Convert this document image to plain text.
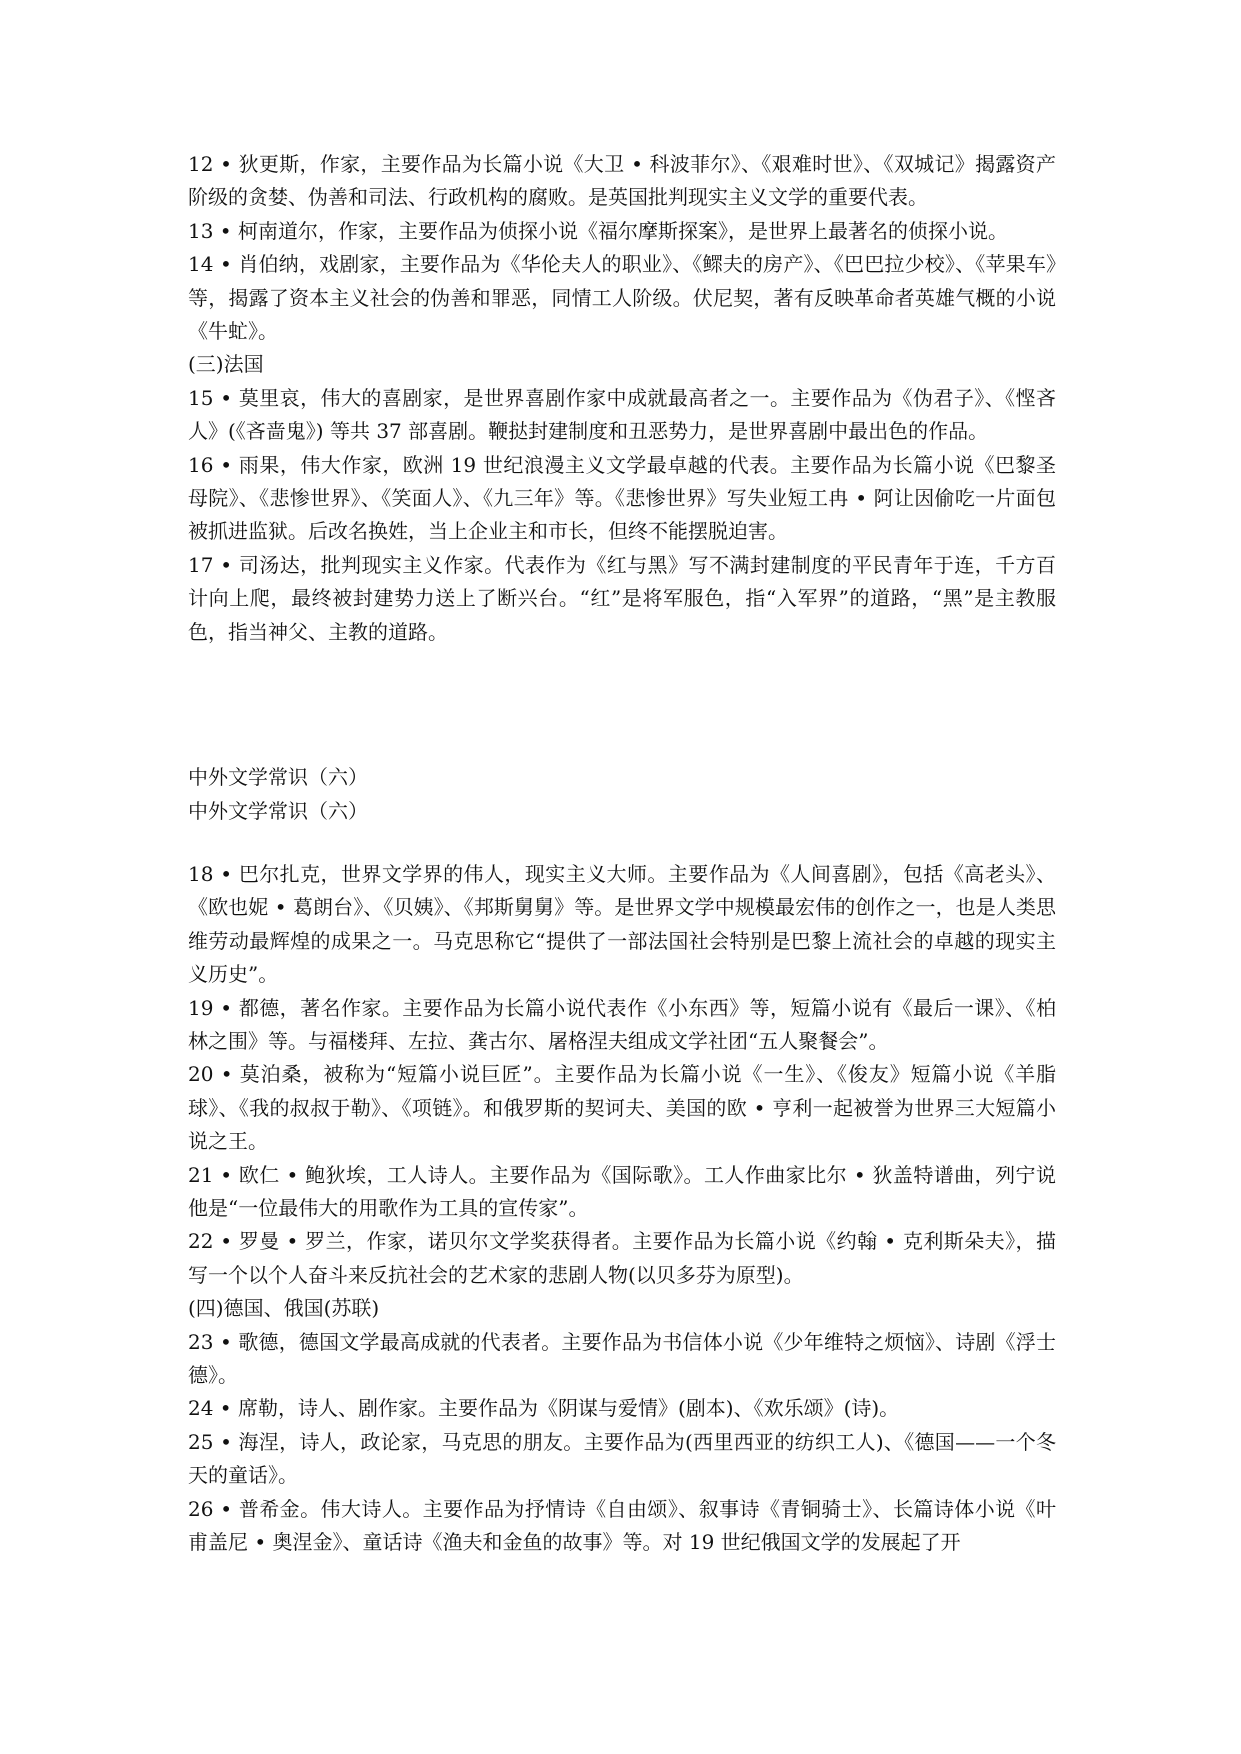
12 • 狄更斯，作家，主要作品为长篇小说《大卫 • 科波菲尔》、《艰难时世》、《双城记》揭露资产阶级的贪婪、伪善和司法、行政机构的腐败。是英国批判现实主义文学的重要代表。

13 • 柯南道尔，作家，主要作品为侦探小说《福尔摩斯探案》，是世界上最著名的侦探小说。

14 • 肖伯纳，戏剧家，主要作品为《华伦夫人的职业》、《鳏夫的房产》、《巴巴拉少校》、《苹果车》等，揭露了资本主义社会的伪善和罪恶，同情工人阶级。伏尼契，著有反映革命者英雄气概的小说《牛虻》。

(三)法国

15 • 莫里哀，伟大的喜剧家，是世界喜剧作家中成就最高者之一。主要作品为《伪君子》、《悭吝人》(《吝啬鬼》) 等共 37 部喜剧。鞭挞封建制度和丑恶势力，是世界喜剧中最出色的作品。

16 • 雨果，伟大作家，欧洲 19 世纪浪漫主义文学最卓越的代表。主要作品为长篇小说《巴黎圣母院》、《悲惨世界》、《笑面人》、《九三年》等。《悲惨世界》写失业短工冉 • 阿让因偷吃一片面包被抓进监狱。后改名换姓，当上企业主和市长，但终不能摆脱迫害。

17 • 司汤达，批判现实主义作家。代表作为《红与黑》写不满封建制度的平民青年于连，千方百计向上爬，最终被封建势力送上了断兴台。“红”是将军服色，指“入军界”的道路，“黑”是主教服色，指当神父、主教的道路。

中外文学常识（六）

中外文学常识（六）

18 • 巴尔扎克，世界文学界的伟人，现实主义大师。主要作品为《人间喜剧》，包括《高老头》、《欧也妮 • 葛朗台》、《贝姨》、《邦斯舅舅》等。是世界文学中规模最宏伟的创作之一，也是人类思维劳动最辉煌的成果之一。马克思称它“提供了一部法国社会特别是巴黎上流社会的卓越的现实主义历史”。

19 • 都德，著名作家。主要作品为长篇小说代表作《小东西》等，短篇小说有《最后一课》、《柏林之围》等。与福楼拜、左拉、龚古尔、屠格涅夫组成文学社团“五人聚餐会”。

20 • 莫泊桑，被称为“短篇小说巨匠”。主要作品为长篇小说《一生》、《俊友》短篇小说《羊脂球》、《我的叔叔于勒》、《项链》。和俄罗斯的契诃夫、美国的欧 • 亨利一起被誉为世界三大短篇小说之王。

21 • 欧仁 • 鲍狄埃，工人诗人。主要作品为《国际歌》。工人作曲家比尔 • 狄盖特谱曲，列宁说他是“一位最伟大的用歌作为工具的宣传家”。

22 • 罗曼 • 罗兰，作家，诺贝尔文学奖获得者。主要作品为长篇小说《约翰 • 克利斯朵夫》，描写一个以个人奋斗来反抗社会的艺术家的悲剧人物(以贝多芬为原型)。

(四)德国、俄国(苏联)

23 • 歌德，德国文学最高成就的代表者。主要作品为书信体小说《少年维特之烦恼》、诗剧《浮士德》。

24 • 席勒，诗人、剧作家。主要作品为《阴谋与爱情》(剧本)、《欢乐颂》(诗)。

25 • 海涅，诗人，政论家，马克思的朋友。主要作品为(西里西亚的纺织工人)、《德国——一个冬天的童话》。

26 • 普希金。伟大诗人。主要作品为抒情诗《自由颂》、叙事诗《青铜骑士》、长篇诗体小说《叶甫盖尼 • 奥涅金》、童话诗《渔夫和金鱼的故事》等。对 19 世纪俄国文学的发展起了开
